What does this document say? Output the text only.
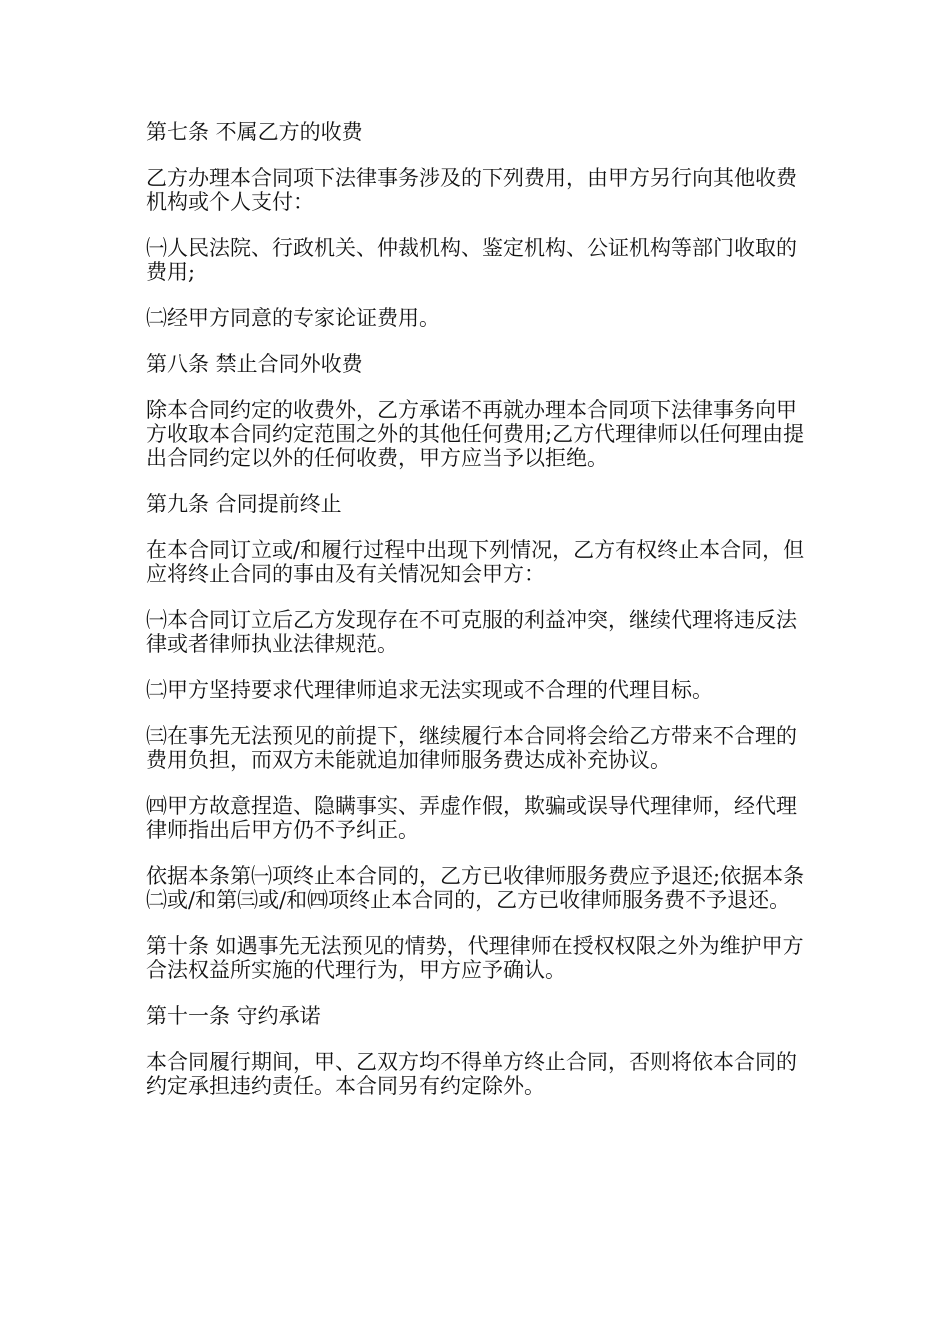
第七条 不属乙方的收费

乙方办理本合同项下法律事务涉及的下列费用，由甲方另行向其他收费机构或个人支付：

㈠人民法院、行政机关、仲裁机构、鉴定机构、公证机构等部门收取的费用;

㈡经甲方同意的专家论证费用。

第八条 禁止合同外收费

除本合同约定的收费外，乙方承诺不再就办理本合同项下法律事务向甲方收取本合同约定范围之外的其他任何费用;乙方代理律师以任何理由提出合同约定以外的任何收费，甲方应当予以拒绝。

第九条 合同提前终止

在本合同订立或/和履行过程中出现下列情况，乙方有权终止本合同，但应将终止合同的事由及有关情况知会甲方：

㈠本合同订立后乙方发现存在不可克服的利益冲突，继续代理将违反法律或者律师执业法律规范。

㈡甲方坚持要求代理律师追求无法实现或不合理的代理目标。

㈢在事先无法预见的前提下，继续履行本合同将会给乙方带来不合理的费用负担，而双方未能就追加律师服务费达成补充协议。

㈣甲方故意捏造、隐瞒事实、弄虚作假，欺骗或误导代理律师，经代理律师指出后甲方仍不予纠正。

依据本条第㈠项终止本合同的，乙方已收律师服务费应予退还;依据本条㈡或/和第㈢或/和㈣项终止本合同的，乙方已收律师服务费不予退还。

第十条 如遇事先无法预见的情势，代理律师在授权权限之外为维护甲方合法权益所实施的代理行为，甲方应予确认。

第十一条 守约承诺

本合同履行期间，甲、乙双方均不得单方终止合同，否则将依本合同的约定承担违约责任。本合同另有约定除外。
